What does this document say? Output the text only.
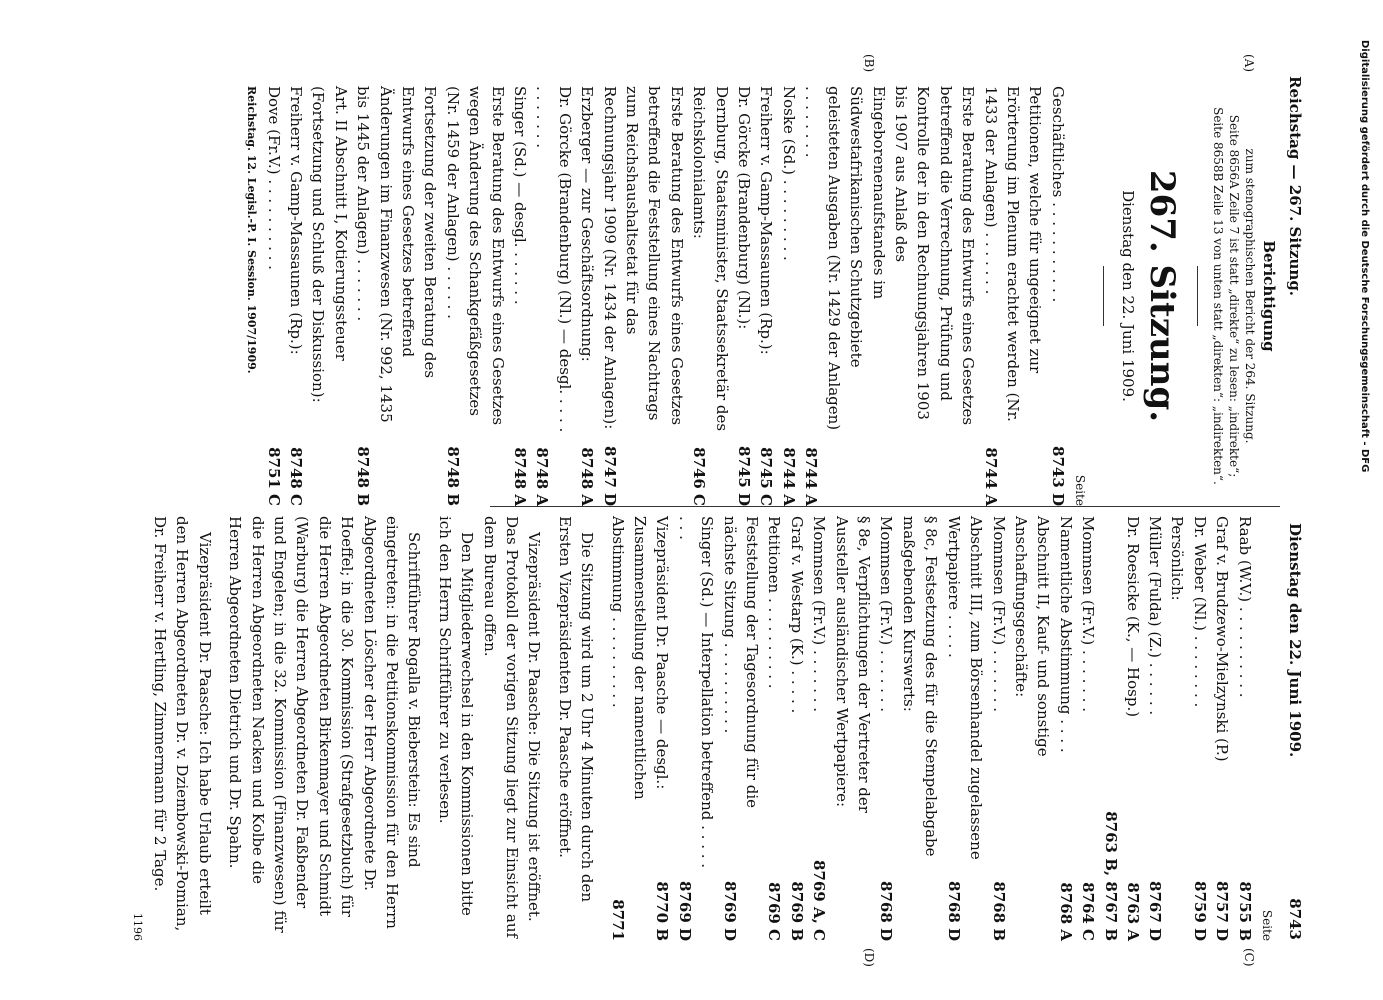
Reichstag — 267. Sitzung.
Dienstag den 22. Juni 1909.
8743
(A)
(B)
(C)
(D)
Berichtigung
zum stenographischen Bericht der 264. Sitzung.
Seite 8656A Zeile 7 ist statt „direkte“ zu lesen: „indirekte“;
Seite 8658B Zeile 13 von unten statt „direkten“: „indirekten“.
267. Sitzung.
Dienstag den 22. Juni 1909.
Seite
Geschäftliches . . . . . . . . . . .
8743 D
Petitionen, welche für ungeeignet zur Erörterung im Plenum erachtet werden (Nr. 1433 der Anlagen) . . . . . . .
8744 A
Erste Beratung des Entwurfs eines Gesetzes betreffend die Verrechnung, Prüfung und Kontrolle der in den Rechnungsjahren 1903 bis 1907 aus Anlaß des Eingeborenenaufstandes im Südwestafrikanischen Schutzgebiete geleisteten Ausgaben (Nr. 1429 der Anlagen) . . . . . . . .
8744 A
Noske (Sd.) . . . . . . . . .
8744 A
Freiherr v. Gamp-Massaunen (Rp.):
8745 C
Dr. Görcke (Brandenburg) (Nl.):
8745 D
Dernburg, Staatsminister, Staatssekretär des Reichskolonialamts:
8746 C
Erste Beratung des Entwurfs eines Gesetzes betreffend die Feststellung eines Nachtrags zum Reichshaushaltsetat für das Rechnungsjahr 1909 (Nr. 1434 der Anlagen):
8747 D
Erzberger — zur Geschäftsordnung:
8748 A
Dr. Görcke (Brandenburg) (Nl.) — desgl. . . . . . . . . . . .
8748 A
Singer (Sd.) — desgl. . . . . . .
8748 A
Erste Beratung des Entwurfs eines Gesetzes wegen Änderung des Schankgefäßgesetzes (Nr. 1459 der Anlagen) . . . . . .
8748 B
Fortsetzung der zweiten Beratung des Entwurfs eines Gesetzes betreffend Änderungen im Finanzwesen (Nr. 992, 1435 bis 1445 der Anlagen) . . . . . . .
8748 B
Art. II Abschnitt I, Kotierungssteuer (Fortsetzung und Schluß der Diskussion):
Freiherr v. Gamp-Massaunen (Rp.):
8748 C
Dove (Fr.V.) . . . . . . . . . .
8751 C
Reichstag. 12. Legisl.-P. I. Session. 1907/1909.
Seite
Raab (W.V.) . . . . . . . . . .
8755 B
Graf v. Brudzewo-Mielzynski (P.)
8757 D
Dr. Weber (Nl.) . . . . . . . .
8759 D
Persönlich:
Müller (Fulda) (Z.) . . . . . .
8767 D
Dr. Roesicke (K., — Hosp.)
8763 A
8763 B, 8767 B
Mommsen (Fr.V.) . . . . . . .
8764 C
Namentliche Abstimmung . . . .
8768 A
Abschnitt II, Kauf- und sonstige Anschaffungsgeschäfte:
Mommsen (Fr.V.) . . . . . . .
8768 B
Abschnitt III, zum Börsenhandel zugelassene Wertpapiere . . . . .
8768 D
§ 8c, Festsetzung des für die Stempelabgabe maßgebenden Kurswerts:
Mommsen (Fr.V.) . . . . . . .
8768 D
§ 8e, Verpflichtungen der Vertreter der Aussteller ausländischer Wertpapiere:
Mommsen (Fr.V.) . . . . . . .
8769 A, C
Graf v. Westarp (K.) . . . . .
8769 B
Petitionen . . . . . . . . . .
8769 C
Feststellung der Tagesordnung für die nächste Sitzung . . . . . . . . . .
8769 D
Singer (Sd.) — Interpellation betreffend . . . . . . . .
8769 D
Vizepräsident Dr. Paasche — desgl.:
8770 B
Zusammenstellung der namentlichen Abstimmung . . . . . . . . . .
8771
Die Sitzung wird um 2 Uhr 4 Minuten durch den Ersten Vizepräsidenten Dr. Paasche eröffnet.
Vizepräsident Dr. Paasche: Die Sitzung ist eröffnet. Das Protokoll der vorigen Sitzung liegt zur Einsicht auf dem Bureau offen.
Den Mitgliederwechsel in den Kommissionen bitte ich den Herrn Schriftführer zu verlesen.
Schriftführer Rogalla v. Bieberstein: Es sind eingetreten: in die Petitionskommission für den Herrn Abgeordneten Löscher der Herr Abgeordnete Dr. Hoeffel; in die 30. Kommission (Strafgesetzbuch) für die Herren Abgeordneten Birkenmayer und Schmidt (Warburg) die Herren Abgeordneten Dr. Faßbender und Engelen; in die 32. Kommission (Finanzwesen) für die Herren Abgeordneten Nacken und Kolbe die Herren Abgeordneten Dietrich und Dr. Spahn.
Vizepräsident Dr. Paasche: Ich habe Urlaub erteilt den Herren Abgeordneten Dr. v. Dziembowski-Pomian, Dr. Freiherr v. Hertling, Zimmermann für 2 Tage.
1196
Digitalisierung gefördert durch die Deutsche Forschungsgemeinschaft - DFG
